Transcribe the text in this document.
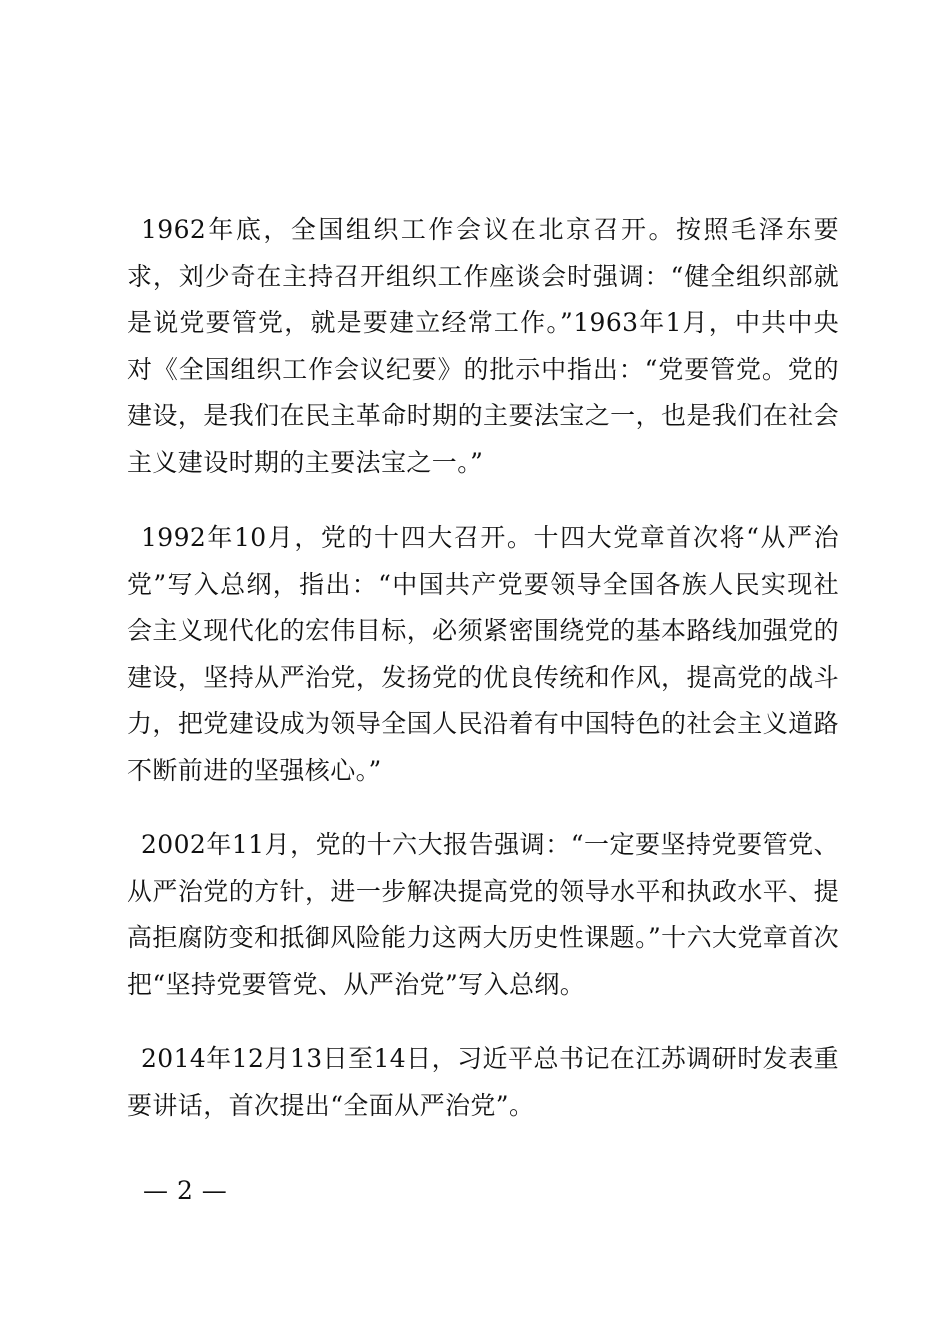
1962年底，全国组织工作会议在北京召开。按照毛泽东要求，刘少奇在主持召开组织工作座谈会时强调：“健全组织部就是说党要管党，就是要建立经常工作。”1963年1月，中共中央对《全国组织工作会议纪要》的批示中指出：“党要管党。党的建设，是我们在民主革命时期的主要法宝之一，也是我们在社会主义建设时期的主要法宝之一。”

1992年10月，党的十四大召开。十四大党章首次将“从严治党”写入总纲，指出：“中国共产党要领导全国各族人民实现社会主义现代化的宏伟目标，必须紧密围绕党的基本路线加强党的建设，坚持从严治党，发扬党的优良传统和作风，提高党的战斗力，把党建设成为领导全国人民沿着有中国特色的社会主义道路不断前进的坚强核心。”

2002年11月，党的十六大报告强调：“一定要坚持党要管党、从严治党的方针，进一步解决提高党的领导水平和执政水平、提高拒腐防变和抵御风险能力这两大历史性课题。”十六大党章首次把“坚持党要管党、从严治党”写入总纲。

2014年12月13日至14日，习近平总书记在江苏调研时发表重要讲话，首次提出“全面从严治党”。

— 2 —
